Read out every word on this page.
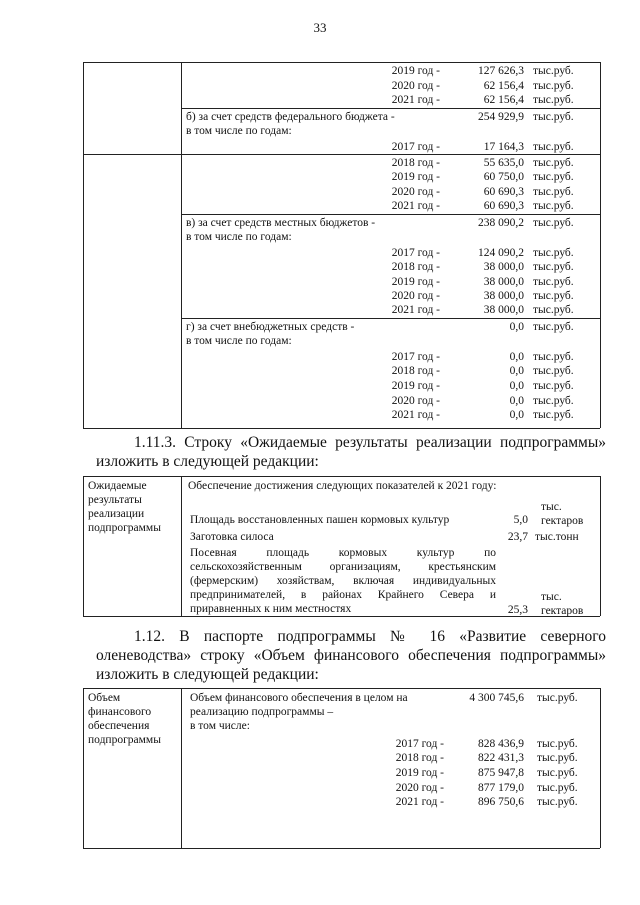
33
2019 год -	127 626,3 тыс.руб.
2020 год -	62 156,4 тыс.руб.
2021 год -	62 156,4 тыс.руб.
б) за счет средств федерального бюджета -	254 929,9 тыс.руб.
в том числе по годам:
2017 год -	17 164,3 тыс.руб.
2018 год -	55 635,0 тыс.руб.
2019 год -	60 750,0 тыс.руб.
2020 год -	60 690,3 тыс.руб.
2021 год -	60 690,3 тыс.руб.
в) за счет средств местных бюджетов -	238 090,2 тыс.руб.
в том числе по годам:
2017 год -	124 090,2 тыс.руб.
2018 год -	38 000,0 тыс.руб.
2019 год -	38 000,0 тыс.руб.
2020 год -	38 000,0 тыс.руб.
2021 год -	38 000,0 тыс.руб.
г) за счет внебюджетных средств -	0,0 тыс.руб.
в том числе по годам:
2017 год -	0,0 тыс.руб.
2018 год -	0,0 тыс.руб.
2019 год -	0,0 тыс.руб.
2020 год -	0,0 тыс.руб.
2021 год -	0,0 тыс.руб.
1.11.3. Строку «Ожидаемые результаты реализации подпрограммы»
изложить в следующей редакции:
Ожидаемые результаты реализации подпрограммы
Обеспечение достижения следующих показателей к 2021 году:
Площадь восстановленных пашен кормовых культур	5,0
тыс.
гектаров
Заготовка силоса	23,7 тыс.тонн
Посевная площадь кормовых культур по
сельскохозяйственным организациям, крестьянским
(фермерским) хозяйствам, включая индивидуальных
предпринимателей, в районах Крайнего Севера и
приравненных к ним местностях	25,3
тыс.
гектаров
1.12. В паспорте подпрограммы № 16 «Развитие северного
оленеводства» строку «Объем финансового обеспечения подпрограммы»
изложить в следующей редакции:
Объем финансового обеспечения подпрограммы
Объем финансового обеспечения в целом на	4 300 745,6 тыс.руб.
реализацию подпрограммы –
в том числе:
2017 год -	828 436,9 тыс.руб.
2018 год -	822 431,3 тыс.руб.
2019 год -	875 947,8 тыс.руб.
2020 год -	877 179,0 тыс.руб.
2021 год -	896 750,6 тыс.руб.
